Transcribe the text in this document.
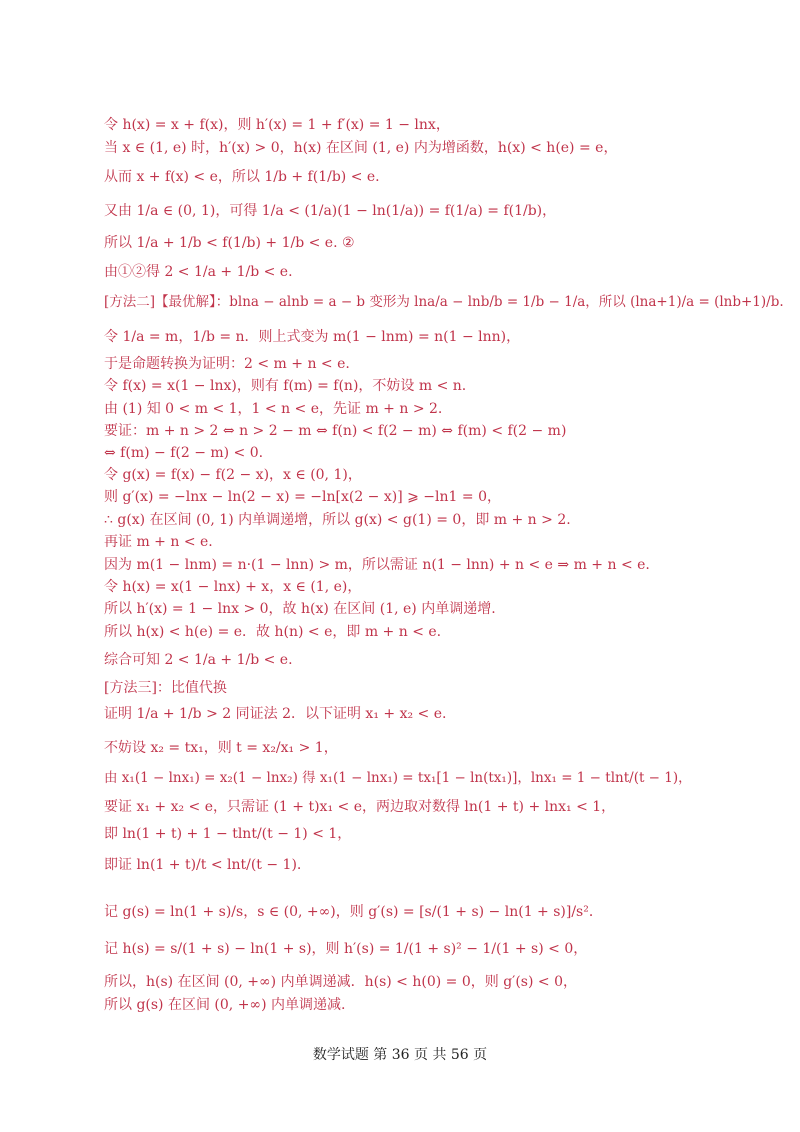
令 h(x) = x + f(x)，则 h′(x) = 1 + f′(x) = 1 − lnx，
当 x ∈ (1, e) 时，h′(x) > 0，h(x) 在区间 (1, e) 内为增函数，h(x) < h(e) = e，
从而 x + f(x) < e，所以 1/b + f(1/b) < e.
又由 1/a ∈ (0, 1)，可得 1/a < (1/a)(1 − ln(1/a)) = f(1/a) = f(1/b)，
所以 1/a + 1/b < f(1/b) + 1/b < e. ②
由①②得 2 < 1/a + 1/b < e.
[方法二]【最优解】：blna − alnb = a − b 变形为 lna/a − lnb/b = 1/b − 1/a，所以 (lna+1)/a = (lnb+1)/b.
令 1/a = m，1/b = n．则上式变为 m(1 − lnm) = n(1 − lnn)，
于是命题转换为证明：2 < m + n < e.
令 f(x) = x(1 − lnx)，则有 f(m) = f(n)，不妨设 m < n.
由 (1) 知 0 < m < 1，1 < n < e，先证 m + n > 2.
要证：m + n > 2 ⇔ n > 2 − m ⇔ f(n) < f(2 − m) ⇔ f(m) < f(2 − m)
⇔ f(m) − f(2 − m) < 0.
令 g(x) = f(x) − f(2 − x)，x ∈ (0, 1)，
则 g′(x) = −lnx − ln(2 − x) = −ln[x(2 − x)] ⩾ −ln1 = 0，
∴ g(x) 在区间 (0, 1) 内单调递增，所以 g(x) < g(1) = 0，即 m + n > 2.
再证 m + n < e.
因为 m(1 − lnm) = n·(1 − lnn) > m，所以需证 n(1 − lnn) + n < e ⇒ m + n < e.
令 h(x) = x(1 − lnx) + x，x ∈ (1, e)，
所以 h′(x) = 1 − lnx > 0，故 h(x) 在区间 (1, e) 内单调递增.
所以 h(x) < h(e) = e．故 h(n) < e，即 m + n < e.
综合可知 2 < 1/a + 1/b < e.
[方法三]：比值代换
证明 1/a + 1/b > 2 同证法 2．以下证明 x₁ + x₂ < e.
不妨设 x₂ = tx₁，则 t = x₂/x₁ > 1，
由 x₁(1 − lnx₁) = x₂(1 − lnx₂) 得 x₁(1 − lnx₁) = tx₁[1 − ln(tx₁)]，lnx₁ = 1 − tlnt/(t − 1)，
要证 x₁ + x₂ < e，只需证 (1 + t)x₁ < e，两边取对数得 ln(1 + t) + lnx₁ < 1，
即 ln(1 + t) + 1 − tlnt/(t − 1) < 1，
即证 ln(1 + t)/t < lnt/(t − 1).
记 g(s) = ln(1 + s)/s，s ∈ (0, +∞)，则 g′(s) = [s/(1 + s) − ln(1 + s)]/s²．
记 h(s) = s/(1 + s) − ln(1 + s)，则 h′(s) = 1/(1 + s)² − 1/(1 + s) < 0，
所以，h(s) 在区间 (0, +∞) 内单调递减．h(s) < h(0) = 0，则 g′(s) < 0，
所以 g(s) 在区间 (0, +∞) 内单调递减.
数学试题 第 36 页 共 56 页
